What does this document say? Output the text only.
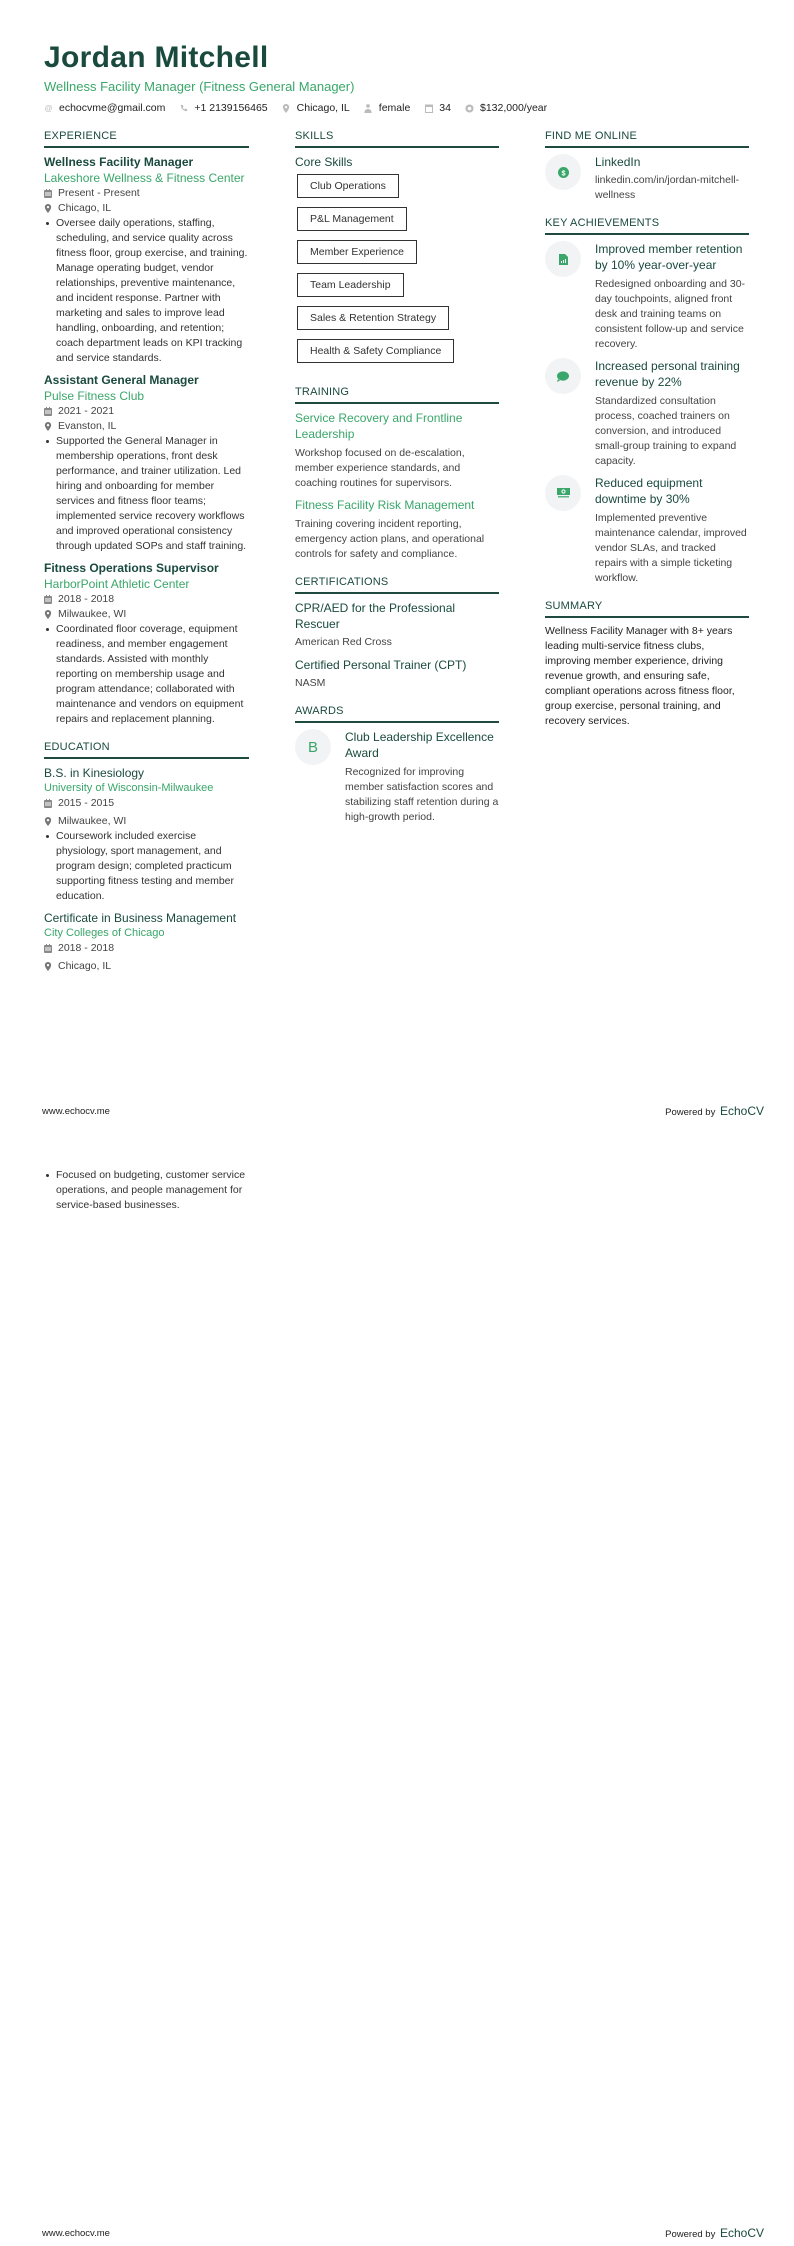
Jordan Mitchell
Wellness Facility Manager (Fitness General Manager)
@ echocvme@gmail.com	+1 2139156465	Chicago, IL	female	34	$132,000/year
EXPERIENCE
Wellness Facility Manager
Lakeshore Wellness & Fitness Center
Present - Present
Chicago, IL
Oversee daily operations, staffing, scheduling, and service quality across fitness floor, group exercise, and training. Manage operating budget, vendor relationships, preventive maintenance, and incident response. Partner with marketing and sales to improve lead handling, onboarding, and retention; coach department leads on KPI tracking and service standards.
Assistant General Manager
Pulse Fitness Club
2021 - 2021
Evanston, IL
Supported the General Manager in membership operations, front desk performance, and trainer utilization. Led hiring and onboarding for member services and fitness floor teams; implemented service recovery workflows and improved operational consistency through updated SOPs and staff training.
Fitness Operations Supervisor
HarborPoint Athletic Center
2018 - 2018
Milwaukee, WI
Coordinated floor coverage, equipment readiness, and member engagement standards. Assisted with monthly reporting on membership usage and program attendance; collaborated with maintenance and vendors on equipment repairs and replacement planning.
EDUCATION
B.S. in Kinesiology
University of Wisconsin-Milwaukee
2015 - 2015
Milwaukee, WI
Coursework included exercise physiology, sport management, and program design; completed practicum supporting fitness testing and member education.
Certificate in Business Management
City Colleges of Chicago
2018 - 2018
Chicago, IL
SKILLS
Core Skills
Club Operations
P&L Management
Member Experience
Team Leadership
Sales & Retention Strategy
Health & Safety Compliance
TRAINING
Service Recovery and Frontline Leadership
Workshop focused on de-escalation, member experience standards, and coaching routines for supervisors.
Fitness Facility Risk Management
Training covering incident reporting, emergency action plans, and operational controls for safety and compliance.
CERTIFICATIONS
CPR/AED for the Professional Rescuer
American Red Cross
Certified Personal Trainer (CPT)
NASM
AWARDS
B
Club Leadership Excellence Award
Recognized for improving member satisfaction scores and stabilizing staff retention during a high-growth period.
FIND ME ONLINE
$
LinkedIn
linkedin.com/in/jordan-mitchell-wellness
KEY ACHIEVEMENTS
Improved member retention by 10% year-over-year
Redesigned onboarding and 30-day touchpoints, aligned front desk and training teams on consistent follow-up and service recovery.
Increased personal training revenue by 22%
Standardized consultation process, coached trainers on conversion, and introduced small-group training to expand capacity.
Reduced equipment downtime by 30%
Implemented preventive maintenance calendar, improved vendor SLAs, and tracked repairs with a simple ticketing workflow.
SUMMARY
Wellness Facility Manager with 8+ years leading multi-service fitness clubs, improving member experience, driving revenue growth, and ensuring safe, compliant operations across fitness floor, group exercise, personal training, and recovery services.
www.echocv.me	Powered by EchoCV
Focused on budgeting, customer service operations, and people management for service-based businesses.
www.echocv.me	Powered by EchoCV
